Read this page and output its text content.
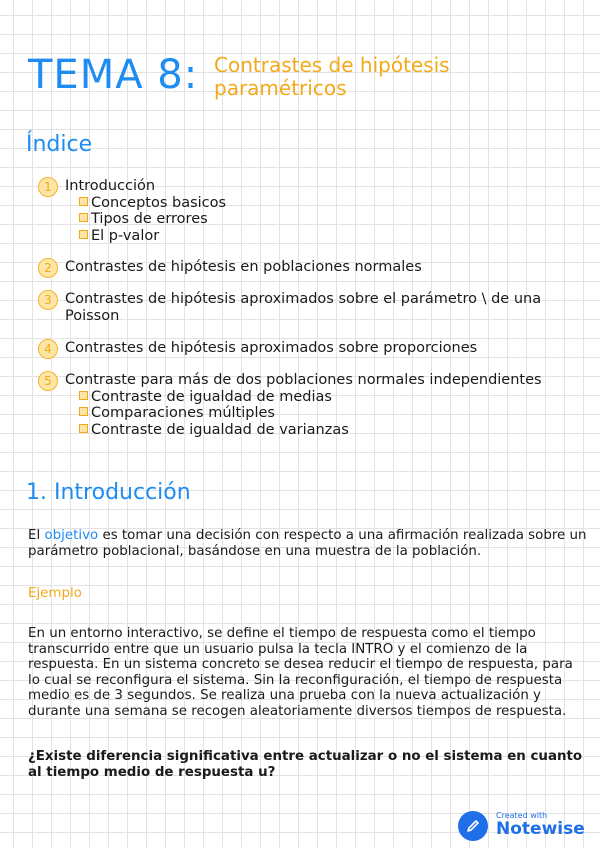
TEMA 8: Contrastes de hipótesis
paramétricos
Índice
1 Introducción
Conceptos basicos
Tipos de errores
El p-valor
2 Contrastes de hipótesis en poblaciones normales
3 Contrastes de hipótesis aproximados sobre el parámetro \ de una Poisson
4 Contrastes de hipótesis aproximados sobre proporciones
5 Contraste para más de dos poblaciones normales independientes
Contraste de igualdad de medias
Comparaciones múltiples
Contraste de igualdad de varianzas
1. Introducción
El objetivo es tomar una decisión con respecto a una afirmación realizada sobre un parámetro poblacional, basándose en una muestra de la población.
Ejemplo
En un entorno interactivo, se define el tiempo de respuesta como el tiempo transcurrido entre que un usuario pulsa la tecla INTRO y el comienzo de la respuesta. En un sistema concreto se desea reducir el tiempo de respuesta, para lo cual se reconfigura el sistema. Sin la reconfiguración, el tiempo de respuesta medio es de 3 segundos. Se realiza una prueba con la nueva actualización y durante una semana se recogen aleatoriamente diversos tiempos de respuesta.
¿Existe diferencia significativa entre actualizar o no el sistema en cuanto al tiempo medio de respuesta u?
Created with
Notewise
